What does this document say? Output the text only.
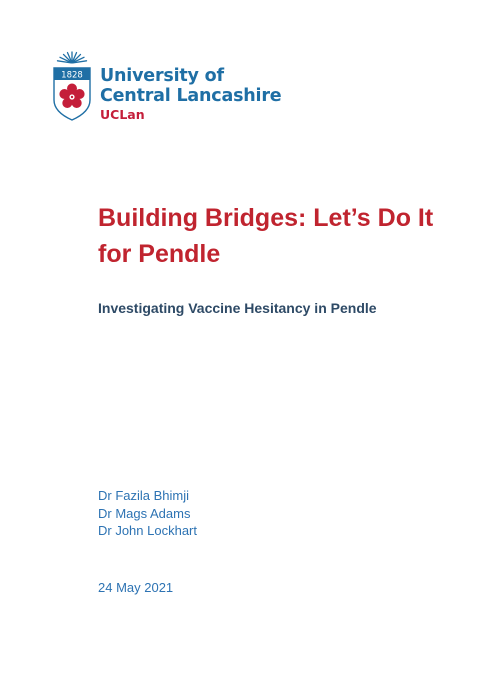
1828 University of
Central Lancashire
UCLan
Building Bridges: Let’s Do It for Pendle

Investigating Vaccine Hesitancy in Pendle

Dr Fazila Bhimji
Dr Mags Adams
Dr John Lockhart

24 May 2021
